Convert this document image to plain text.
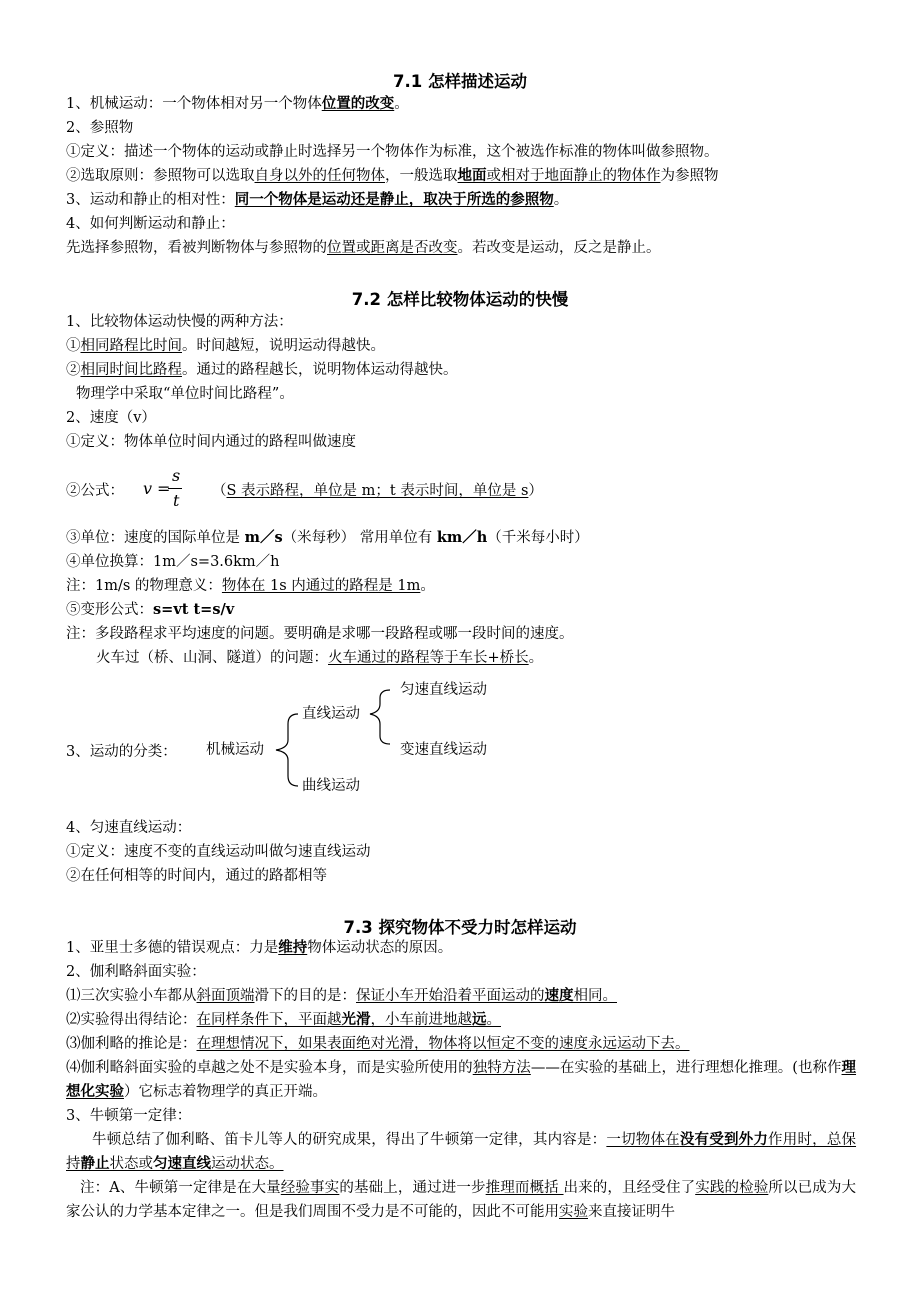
7.1 怎样描述运动
1、机械运动：一个物体相对另一个物体位置的改变。
2、参照物
①定义：描述一个物体的运动或静止时选择另一个物体作为标准，这个被选作标准的物体叫做参照物。
②选取原则：参照物可以选取自身以外的任何物体，一般选取地面或相对于地面静止的物体作为参照物
3、运动和静止的相对性：同一个物体是运动还是静止，取决于所选的参照物。
4、如何判断运动和静止：
先选择参照物，看被判断物体与参照物的位置或距离是否改变。若改变是运动，反之是静止。
7.2 怎样比较物体运动的快慢
1、比较物体运动快慢的两种方法：
①相同路程比时间。时间越短，说明运动得越快。
②相同时间比路程。通过的路程越长，说明物体运动得越快。
物理学中采取“单位时间比路程”。
2、速度（v）
①定义：物体单位时间内通过的路程叫做速度
②公式： v =
s
t （S 表示路程，单位是 m；t 表示时间，单位是 s）
③单位：速度的国际单位是 m／s（米每秒） 常用单位有 km／h（千米每小时）
④单位换算：1m／s=3.6km／h
注：1m/s 的物理意义：物体在 1s 内通过的路程是 1m。
⑤变形公式：s=vt t=s/v
注：多段路程求平均速度的问题。要明确是求哪一段路程或哪一段时间的速度。
火车过（桥、山洞、隧道）的问题：火车通过的路程等于车长+桥长。
3、运动的分类： 机械运动
直线运动
曲线运动
匀速直线运动
变速直线运动
4、匀速直线运动：
①定义：速度不变的直线运动叫做匀速直线运动
②在任何相等的时间内，通过的路都相等
7.3 探究物体不受力时怎样运动
1、亚里士多德的错误观点：力是维持物体运动状态的原因。
2、伽利略斜面实验：
⑴三次实验小车都从斜面顶端滑下的目的是：保证小车开始沿着平面运动的速度相同。
⑵实验得出得结论：在同样条件下，平面越光滑，小车前进地越远。
⑶伽利略的推论是：在理想情况下，如果表面绝对光滑，物体将以恒定不变的速度永远运动下去。
⑷伽利略斜面实验的卓越之处不是实验本身，而是实验所使用的独特方法——在实验的基础上，进行理想化推理。(也称作理想化实验）它标志着物理学的真正开端。
3、牛顿第一定律：
牛顿总结了伽利略、笛卡儿等人的研究成果，得出了牛顿第一定律，其内容是：一切物体在没有受到外力作用时，总保持静止状态或匀速直线运动状态。
注：A、牛顿第一定律是在大量经验事实的基础上，通过进一步推理而概括 出来的，且经受住了实践的检验所以已成为大家公认的力学基本定律之一。但是我们周围不受力是不可能的，因此不可能用实验来直接证明牛
